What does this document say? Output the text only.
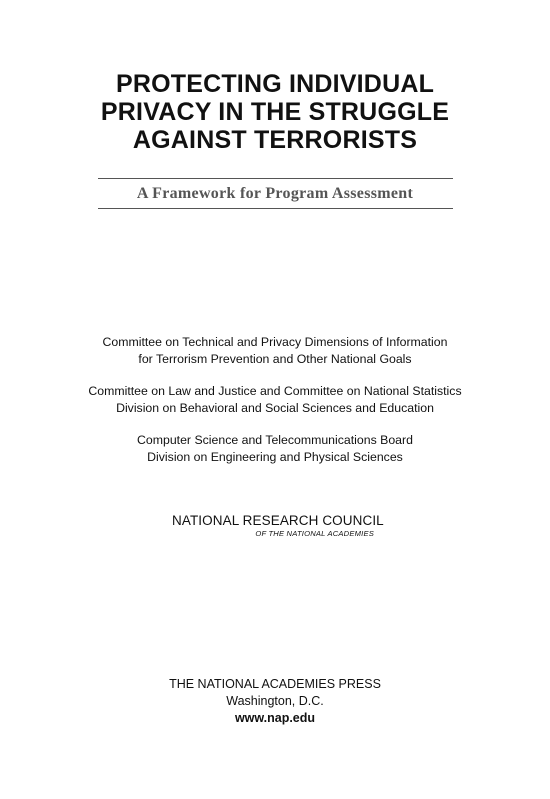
PROTECTING INDIVIDUAL
PRIVACY IN THE STRUGGLE
AGAINST TERRORISTS
A Framework for Program Assessment
Committee on Technical and Privacy Dimensions of Information
for Terrorism Prevention and Other National Goals
Committee on Law and Justice and Committee on National Statistics
Division on Behavioral and Social Sciences and Education
Computer Science and Telecommunications Board
Division on Engineering and Physical Sciences
NATIONAL RESEARCH COUNCIL
OF THE NATIONAL ACADEMIES
THE NATIONAL ACADEMIES PRESS
Washington, D.C.
www.nap.edu
